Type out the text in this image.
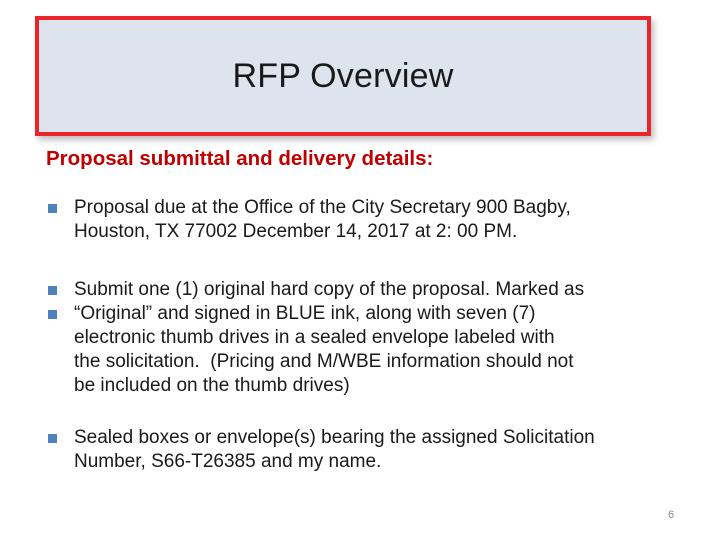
RFP Overview
Proposal submittal and delivery details:
Proposal due at the Office of the City Secretary 900 Bagby,
Houston, TX 77002 December 14, 2017 at 2: 00 PM.
Submit one (1) original hard copy of the proposal. Marked as
“Original” and signed in BLUE ink, along with seven (7)
electronic thumb drives in a sealed envelope labeled with
the solicitation.  (Pricing and M/WBE information should not
be included on the thumb drives)
Sealed boxes or envelope(s) bearing the assigned Solicitation
Number, S66-T26385 and my name.
6
